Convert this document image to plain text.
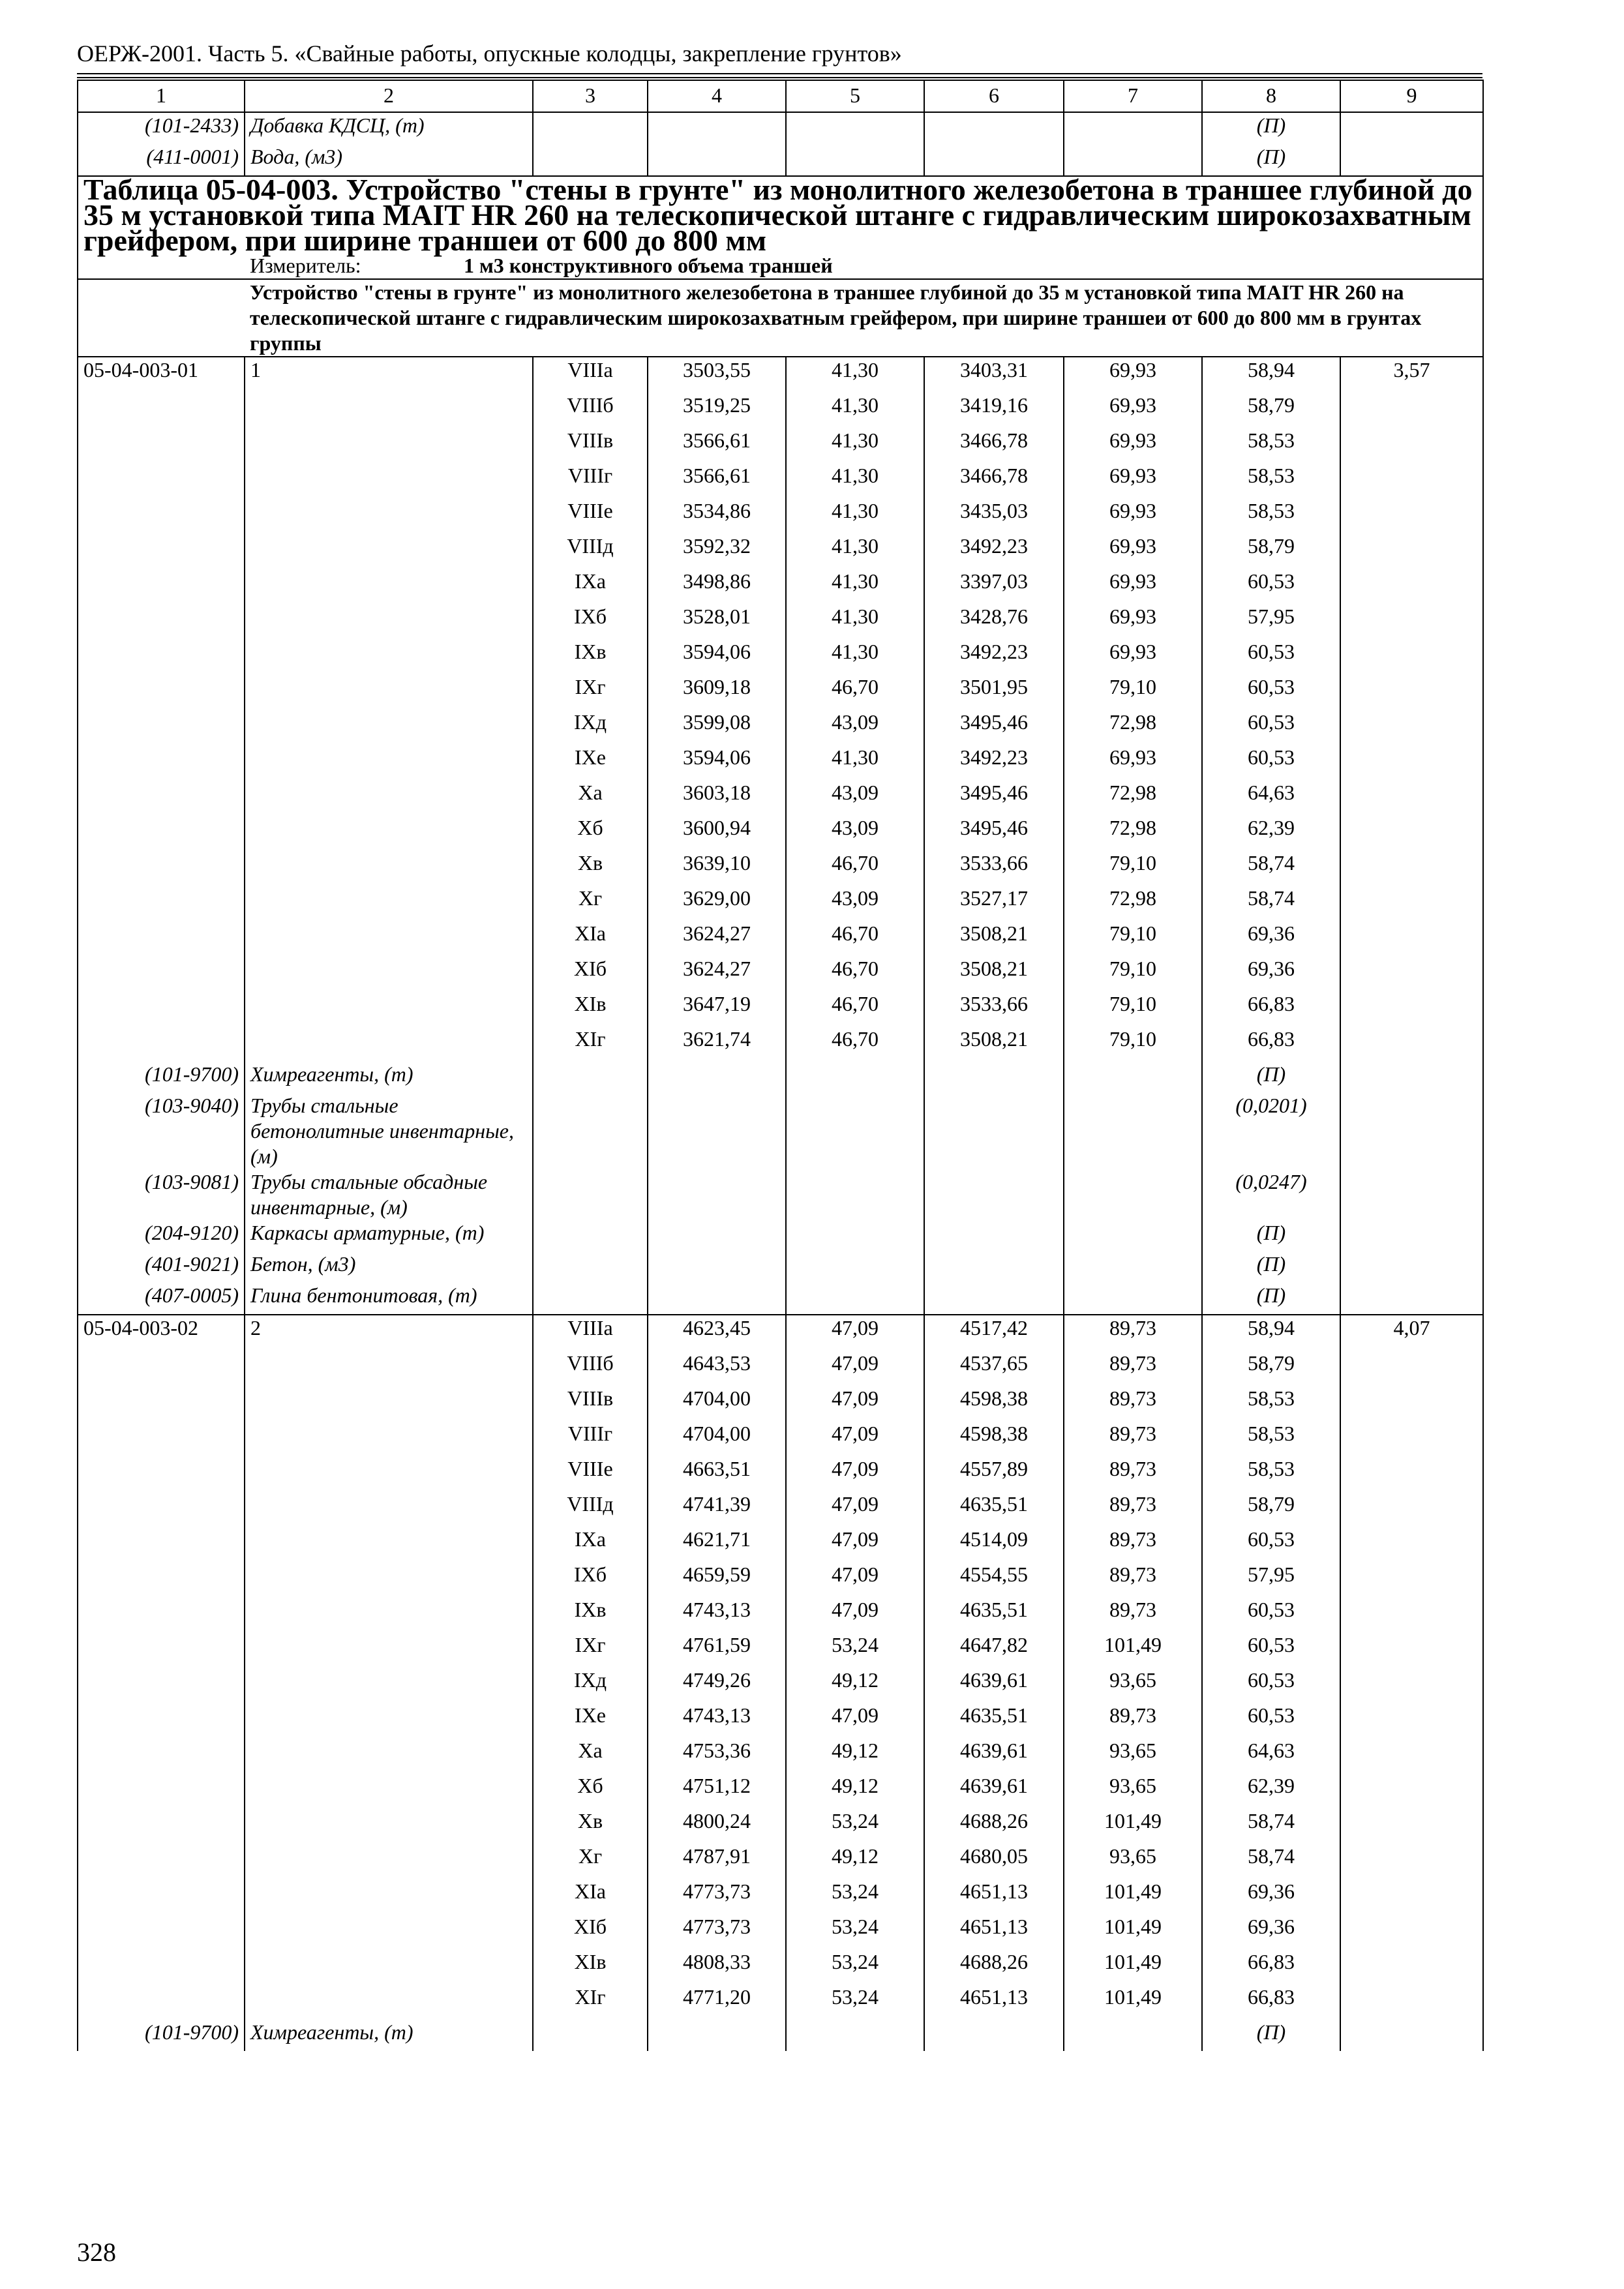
ОЕРЖ-2001. Часть 5. «Свайные работы, опускные колодцы, закрепление грунтов»
1	2	3	4	5	6	7	8	9
(101-2433)	Добавка КДСЦ, (т)						(П)	
(411-0001)	Вода, (м3)						(П)	
Таблица 05-04-003. Устройство "стены в грунте" из монолитного железобетона в траншее глубиной до 35 м установкой типа MAIT HR 260 на телескопической штанге с гидравлическим широкозахватным грейфером, при ширине траншеи от 600 до 800 мм								
	Измеритель: 1 м3 конструктивного объема траншей							
	Устройство "стены в грунте" из монолитного железобетона в траншее глубиной до 35 м установкой типа MAIT HR 260 на телескопической штанге с гидравлическим широкозахватным грейфером, при ширине траншеи от 600 до 800 мм в грунтах группы							
05-04-003-01	1	VIIIа	3503,55	41,30	3403,31	69,93	58,94	3,57
		VIIIб	3519,25	41,30	3419,16	69,93	58,79	
		VIIIв	3566,61	41,30	3466,78	69,93	58,53	
		VIIIг	3566,61	41,30	3466,78	69,93	58,53	
		VIIIе	3534,86	41,30	3435,03	69,93	58,53	
		VIIIд	3592,32	41,30	3492,23	69,93	58,79	
		IXа	3498,86	41,30	3397,03	69,93	60,53	
		IXб	3528,01	41,30	3428,76	69,93	57,95	
		IXв	3594,06	41,30	3492,23	69,93	60,53	
		IXг	3609,18	46,70	3501,95	79,10	60,53	
		IXд	3599,08	43,09	3495,46	72,98	60,53	
		IXе	3594,06	41,30	3492,23	69,93	60,53	
		Xа	3603,18	43,09	3495,46	72,98	64,63	
		Xб	3600,94	43,09	3495,46	72,98	62,39	
		Xв	3639,10	46,70	3533,66	79,10	58,74	
		Xг	3629,00	43,09	3527,17	72,98	58,74	
		XIа	3624,27	46,70	3508,21	79,10	69,36	
		XIб	3624,27	46,70	3508,21	79,10	69,36	
		XIв	3647,19	46,70	3533,66	79,10	66,83	
		XIг	3621,74	46,70	3508,21	79,10	66,83	
(101-9700)	Химреагенты, (т)						(П)	
(103-9040)	Трубы стальные бетонолитные инвентарные, (м)						(0,0201)	
(103-9081)	Трубы стальные обсадные инвентарные, (м)						(0,0247)	
(204-9120)	Каркасы арматурные, (т)						(П)	
(401-9021)	Бетон, (м3)						(П)	
(407-0005)	Глина бентонитовая, (т)						(П)	
05-04-003-02	2	VIIIа	4623,45	47,09	4517,42	89,73	58,94	4,07
		VIIIб	4643,53	47,09	4537,65	89,73	58,79	
		VIIIв	4704,00	47,09	4598,38	89,73	58,53	
		VIIIг	4704,00	47,09	4598,38	89,73	58,53	
		VIIIе	4663,51	47,09	4557,89	89,73	58,53	
		VIIIд	4741,39	47,09	4635,51	89,73	58,79	
		IXа	4621,71	47,09	4514,09	89,73	60,53	
		IXб	4659,59	47,09	4554,55	89,73	57,95	
		IXв	4743,13	47,09	4635,51	89,73	60,53	
		IXг	4761,59	53,24	4647,82	101,49	60,53	
		IXд	4749,26	49,12	4639,61	93,65	60,53	
		IXе	4743,13	47,09	4635,51	89,73	60,53	
		Xа	4753,36	49,12	4639,61	93,65	64,63	
		Xб	4751,12	49,12	4639,61	93,65	62,39	
		Xв	4800,24	53,24	4688,26	101,49	58,74	
		Xг	4787,91	49,12	4680,05	93,65	58,74	
		XIа	4773,73	53,24	4651,13	101,49	69,36	
		XIб	4773,73	53,24	4651,13	101,49	69,36	
		XIв	4808,33	53,24	4688,26	101,49	66,83	
		XIг	4771,20	53,24	4651,13	101,49	66,83	
(101-9700)	Химреагенты, (т)						(П)	
328
